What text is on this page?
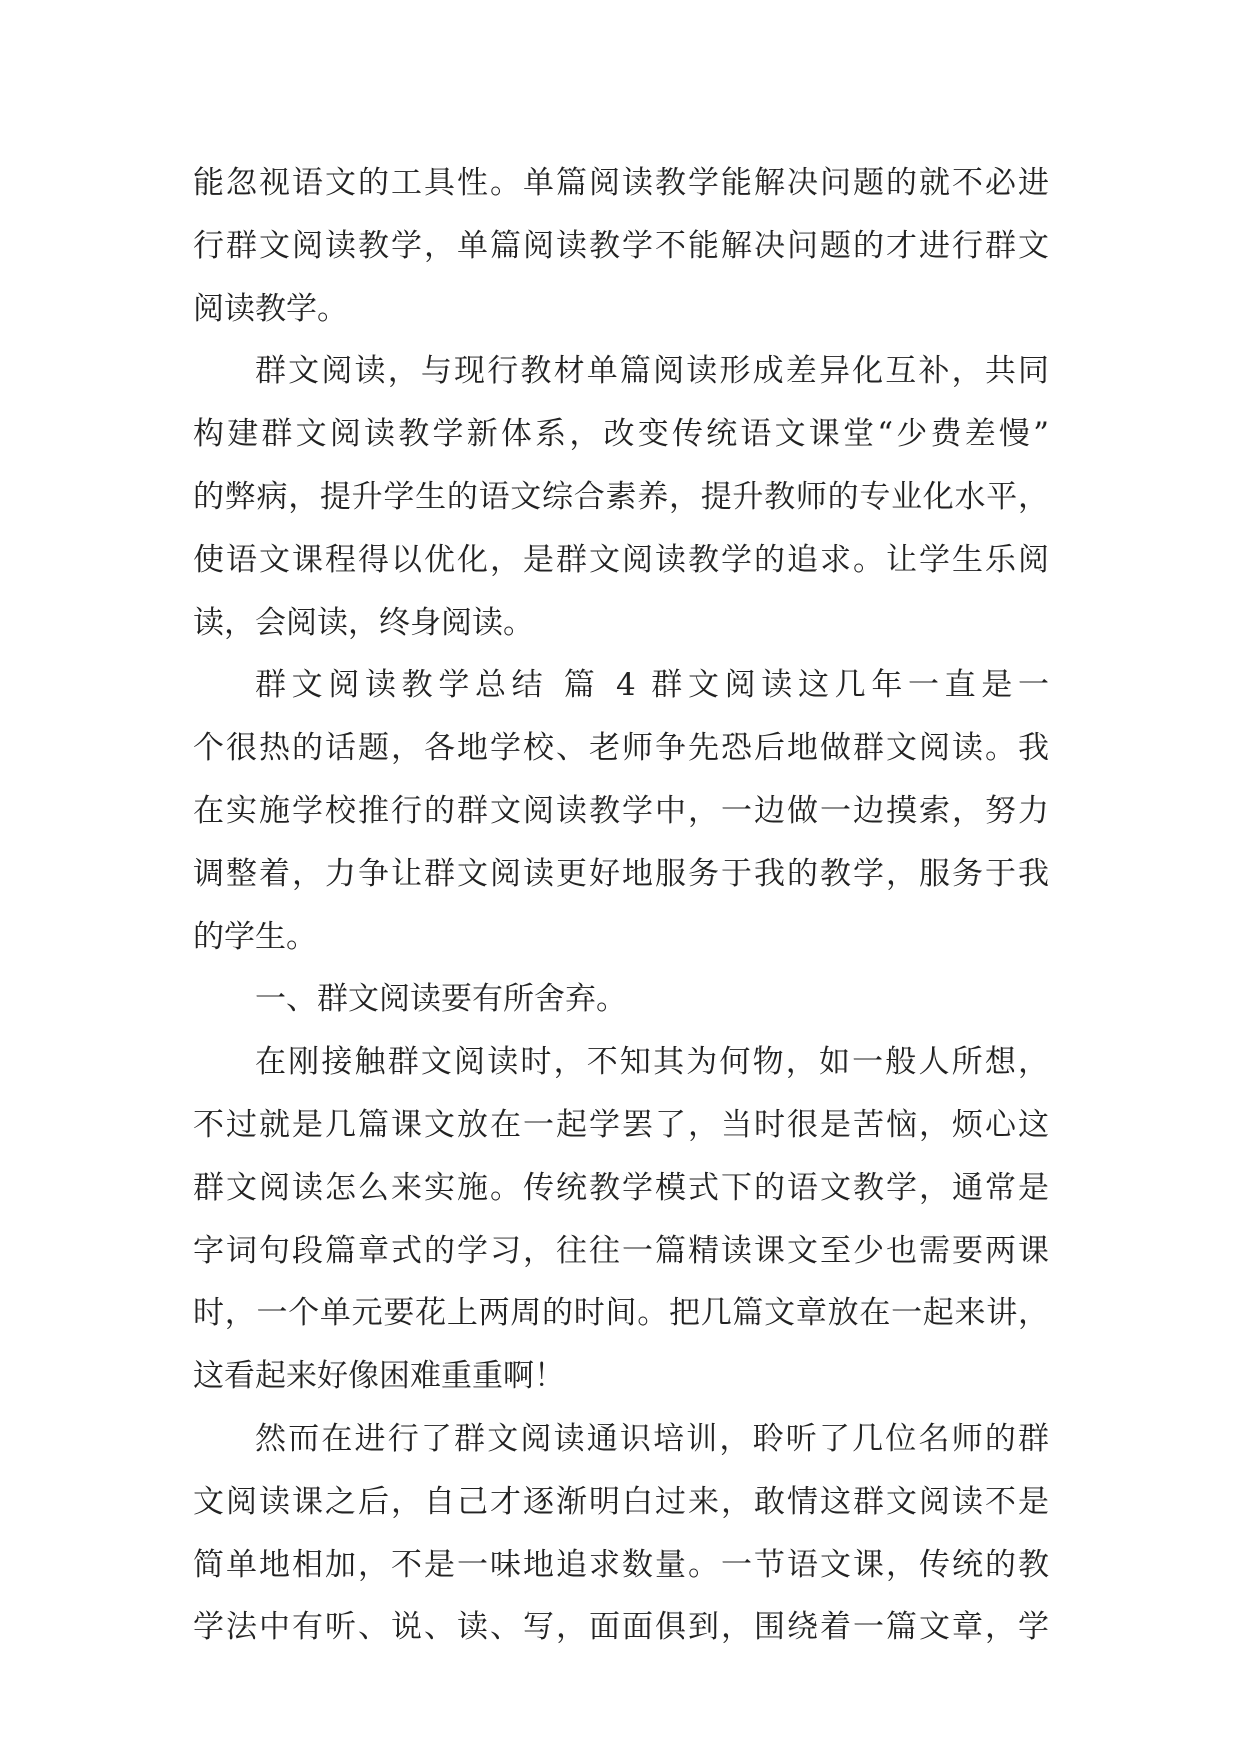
能忽视语文的工具性。单篇阅读教学能解决问题的就不必进
行群文阅读教学，单篇阅读教学不能解决问题的才进行群文
阅读教学。
群文阅读，与现行教材单篇阅读形成差异化互补，共同
构建群文阅读教学新体系，改变传统语文课堂“少费差慢”
的弊病，提升学生的语文综合素养，提升教师的专业化水平，
使语文课程得以优化，是群文阅读教学的追求。让学生乐阅
读，会阅读，终身阅读。
群文阅读教学总结 篇 4 群文阅读这几年一直是一
个很热的话题，各地学校、老师争先恐后地做群文阅读。我
在实施学校推行的群文阅读教学中，一边做一边摸索，努力
调整着，力争让群文阅读更好地服务于我的教学，服务于我
的学生。
一、群文阅读要有所舍弃。
在刚接触群文阅读时，不知其为何物，如一般人所想，
不过就是几篇课文放在一起学罢了，当时很是苦恼，烦心这
群文阅读怎么来实施。传统教学模式下的语文教学，通常是
字词句段篇章式的学习，往往一篇精读课文至少也需要两课
时，一个单元要花上两周的时间。把几篇文章放在一起来讲，
这看起来好像困难重重啊！
然而在进行了群文阅读通识培训，聆听了几位名师的群
文阅读课之后，自己才逐渐明白过来，敢情这群文阅读不是
简单地相加，不是一味地追求数量。一节语文课，传统的教
学法中有听、说、读、写，面面俱到，围绕着一篇文章，学
